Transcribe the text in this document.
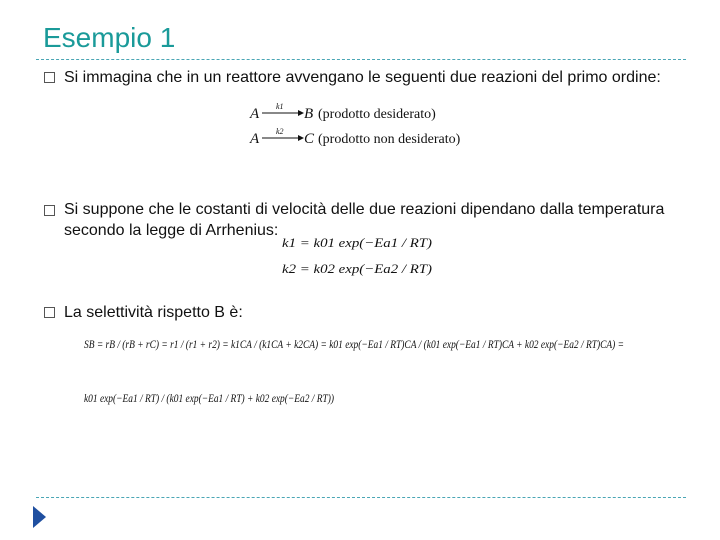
Esempio 1
Si immagina che in un reattore avvengano le seguenti due reazioni del primo ordine:
A k1 B (prodotto desiderato)
A k2 C (prodotto non desiderato)
Si suppone che le costanti di velocità delle due reazioni dipendano dalla temperatura secondo la legge di Arrhenius:
k1 = k01 exp(−Ea1 / RT)
k2 = k02 exp(−Ea2 / RT)
La selettività rispetto B è:
SB = rB / (rB + rC) = r1 / (r1 + r2) = k1CA / (k1CA + k2CA) = k01 exp(−Ea1 / RT)CA / (k01 exp(−Ea1 / RT)CA + k02 exp(−Ea2 / RT)CA) =
k01 exp(−Ea1 / RT) / (k01 exp(−Ea1 / RT) + k02 exp(−Ea2 / RT))
